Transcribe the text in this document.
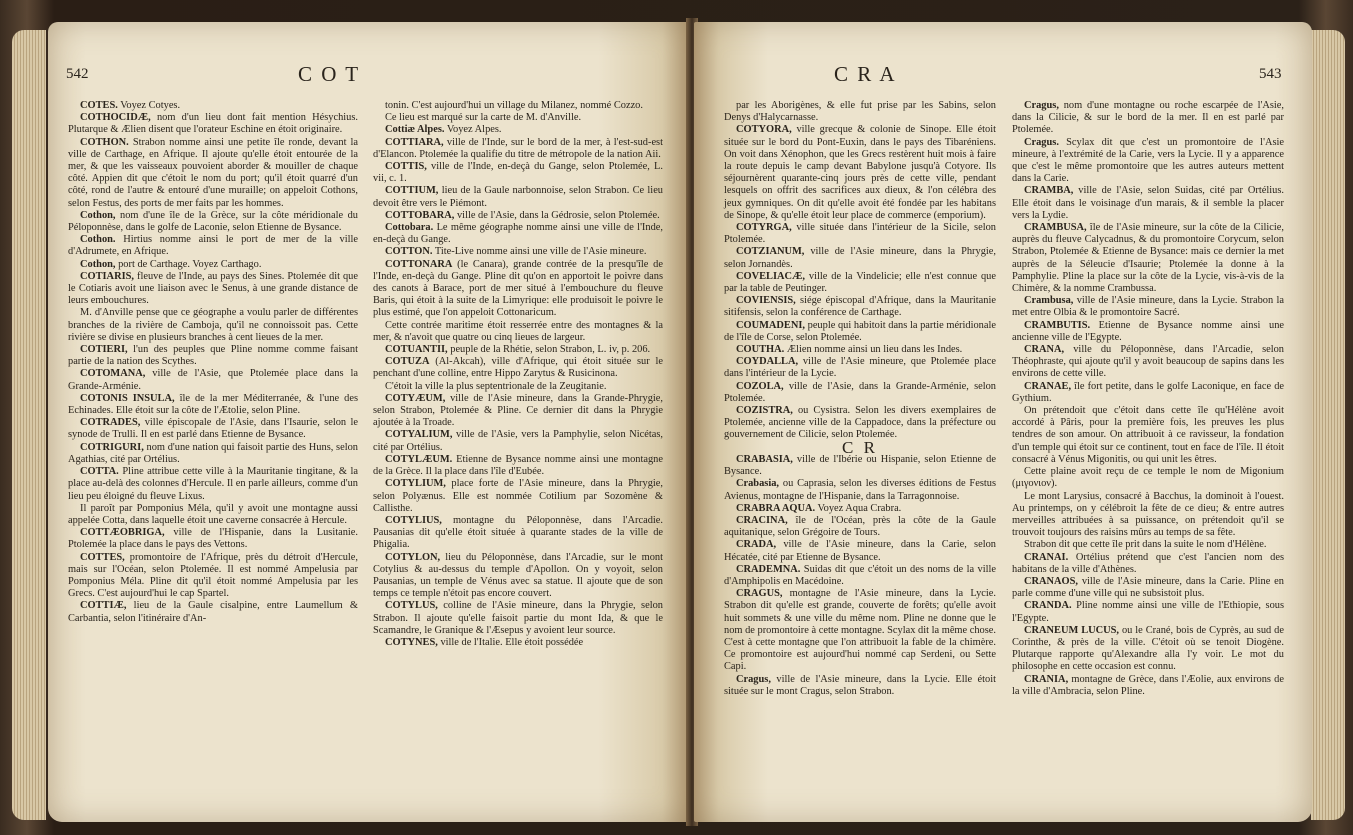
542	C O T

COTES. Voyez Cotyes.

COTHOCIDÆ, nom d'un lieu dont fait mention Hésychius. Plutarque & Ælien disent que l'orateur Eschine en étoit originaire.

COTHON. Strabon nomme ainsi une petite île ronde, devant la ville de Carthage, en Afrique. Il ajoute qu'elle étoit entourée de la mer, & que les vaisseaux pouvoient aborder & mouiller de chaque côté. Appien dit que c'étoit le nom du port; qu'il étoit quarré d'un côté, rond de l'autre & entouré d'une muraille; on appeloit Cothons, selon Festus, des ports de mer faits par les hommes.

Cothon, nom d'une île de la Grèce, sur la côte méridionale du Péloponnèse, dans le golfe de Laconie, selon Etienne de Bysance.

Cothon. Hirtius nomme ainsi le port de mer de la ville d'Adrumete, en Afrique.

Cothon, port de Carthage. Voyez Carthago.

COTIARIS, fleuve de l'Inde, au pays des Sines. Ptolemée dit que le Cotiaris avoit une liaison avec le Senus, à une grande distance de leurs embouchures.

M. d'Anville pense que ce géographe a voulu parler de différentes branches de la rivière de Camboja, qu'il ne connoissoit pas. Cette rivière se divise en plusieurs branches à cent lieues de la mer.

COTIERI, l'un des peuples que Pline nomme comme faisant partie de la nation des Scythes.

COTOMANA, ville de l'Asie, que Ptolemée place dans la Grande-Arménie.

COTONIS INSULA, île de la mer Méditerranée, & l'une des Echinades. Elle étoit sur la côte de l'Ætolie, selon Pline.

COTRADES, ville épiscopale de l'Asie, dans l'Isaurie, selon le synode de Trulli. Il en est parlé dans Etienne de Bysance.

COTRIGURI, nom d'une nation qui faisoit partie des Huns, selon Agathias, cité par Ortélius.

COTTA. Pline attribue cette ville à la Mauritanie tingitane, & la place au-delà des colonnes d'Hercule. Il en parle ailleurs, comme d'un lieu peu éloigné du fleuve Lixus.

Il paroît par Pomponius Méla, qu'il y avoit une montagne aussi appelée Cotta, dans laquelle étoit une caverne consacrée à Hercule.

COTTÆOBRIGA, ville de l'Hispanie, dans la Lusitanie. Ptolemée la place dans le pays des Vettons.

COTTES, promontoire de l'Afrique, près du détroit d'Hercule, mais sur l'Océan, selon Ptolemée. Il est nommé Ampelusia par Pomponius Méla. Pline dit qu'il étoit nommé Ampelusia par les Grecs. C'est aujourd'hui le cap Spartel.

COTTIÆ, lieu de la Gaule cisalpine, entre Laumellum & Carbantia, selon l'itinéraire d'An-

tonin. C'est aujourd'hui un village du Milanez, nommé Cozzo.

Ce lieu est marqué sur la carte de M. d'Anville.

Cottiæ Alpes. Voyez Alpes.

COTTIARA, ville de l'Inde, sur le bord de la mer, à l'est-sud-est d'Elancon. Ptolemée la qualifie du titre de métropole de la nation Aii.

COTTIS, ville de l'Inde, en-deçà du Gange, selon Ptolemée, L. vii, c. 1.

COTTIUM, lieu de la Gaule narbonnoise, selon Strabon. Ce lieu devoit être vers le Piémont.

COTTOBARA, ville de l'Asie, dans la Gédrosie, selon Ptolemée.

Cottobara. Le même géographe nomme ainsi une ville de l'Inde, en-deçà du Gange.

COTTON. Tite-Live nomme ainsi une ville de l'Asie mineure.

COTTONARA (le Canara), grande contrée de la presqu'île de l'Inde, en-deçà du Gange. Pline dit qu'on en apportoit le poivre dans des canots à Barace, port de mer situé à l'embouchure du fleuve Baris, qui étoit à la suite de la Limyrique: elle produisoit le poivre le plus estimé, que l'on appeloit Cottonaricum.

Cette contrée maritime étoit resserrée entre des montagnes & la mer, & n'avoit que quatre ou cinq lieues de largeur.

COTUANTII, peuple de la Rhétie, selon Strabon, L. iv, p. 206.

COTUZA (Al-Akcah), ville d'Afrique, qui étoit située sur le penchant d'une colline, entre Hippo Zarytus & Rusicinona.

C'étoit la ville la plus septentrionale de la Zeugitanie.

COTYÆUM, ville de l'Asie mineure, dans la Grande-Phrygie, selon Strabon, Ptolemée & Pline. Ce dernier dit dans la Phrygie ajoutée à la Troade.

COTYALIUM, ville de l'Asie, vers la Pamphylie, selon Nicétas, cité par Ortélius.

COTYLÆUM. Etienne de Bysance nomme ainsi une montagne de la Grèce. Il la place dans l'île d'Eubée.

COTYLIUM, place forte de l'Asie mineure, dans la Phrygie, selon Polyænus. Elle est nommée Cotilium par Sozomène & Callisthe.

COTYLIUS, montagne du Péloponnèse, dans l'Arcadie. Pausanias dit qu'elle étoit située à quarante stades de la ville de Phigalia.

COTYLON, lieu du Péloponnèse, dans l'Arcadie, sur le mont Cotylius & au-dessus du temple d'Apollon. On y voyoit, selon Pausanias, un temple de Vénus avec sa statue. Il ajoute que de son temps ce temple n'étoit pas encore couvert.

COTYLUS, colline de l'Asie mineure, dans la Phrygie, selon Strabon. Il ajoute qu'elle faisoit partie du mont Ida, & que le Scamandre, le Granique & l'Æsepus y avoient leur source.

COTYNES, ville de l'Italie. Elle étoit possédée

C R A	543

par les Aborigènes, & elle fut prise par les Sabins, selon Denys d'Halycarnasse.

COTYORA, ville grecque & colonie de Sinope. Elle étoit située sur le bord du Pont-Euxin, dans le pays des Tibaréniens. On voit dans Xénophon, que les Grecs restèrent huit mois à faire la route depuis le camp devant Babylone jusqu'à Cotyore. Ils séjournèrent quarante-cinq jours près de cette ville, pendant lesquels on offrit des sacrifices aux dieux, & l'on célébra des jeux gymniques. On dit qu'elle avoit été fondée par les habitans de Sinope, & qu'elle étoit leur place de commerce (emporium).

COTYRGA, ville située dans l'intérieur de la Sicile, selon Ptolemée.

COTZIANUM, ville de l'Asie mineure, dans la Phrygie, selon Jornandès.

COVELIACÆ, ville de la Vindelicie; elle n'est connue que par la table de Peutinger.

COVIENSIS, siége épiscopal d'Afrique, dans la Mauritanie sitifensis, selon la conférence de Carthage.

COUMADENI, peuple qui habitoit dans la partie méridionale de l'île de Corse, selon Ptolemée.

COUTHA. Ælien nomme ainsi un lieu dans les Indes.

COYDALLA, ville de l'Asie mineure, que Ptolemée place dans l'intérieur de la Lycie.

COZOLA, ville de l'Asie, dans la Grande-Arménie, selon Ptolemée.

COZISTRA, ou Cysistra. Selon les divers exemplaires de Ptolemée, ancienne ville de la Cappadoce, dans la préfecture ou gouvernement de Cilicie, selon Ptolemée.

C R

CRABASIA, ville de l'Ibérie ou Hispanie, selon Etienne de Bysance.

Crabasia, ou Caprasia, selon les diverses éditions de Festus Avienus, montagne de l'Hispanie, dans la Tarragonnoise.

CRABRA AQUA. Voyez Aqua Crabra.

CRACINA, île de l'Océan, près la côte de la Gaule aquitanique, selon Grégoire de Tours.

CRADA, ville de l'Asie mineure, dans la Carie, selon Hécatée, cité par Etienne de Bysance.

CRADEMNA. Suidas dit que c'étoit un des noms de la ville d'Amphipolis en Macédoine.

CRAGUS, montagne de l'Asie mineure, dans la Lycie. Strabon dit qu'elle est grande, couverte de forêts; qu'elle avoit huit sommets & une ville du même nom. Pline ne donne que le nom de promontoire à cette montagne. Scylax dit la même chose. C'est à cette montagne que l'on attribuoit la fable de la chimère. Ce promontoire est aujourd'hui nommé cap Serdeni, ou Sette Capi.

Cragus, ville de l'Asie mineure, dans la Lycie. Elle étoit située sur le mont Cragus, selon Strabon.

Cragus, nom d'une montagne ou roche escarpée de l'Asie, dans la Cilicie, & sur le bord de la mer. Il en est parlé par Ptolemée.

Cragus. Scylax dit que c'est un promontoire de l'Asie mineure, à l'extrémité de la Carie, vers la Lycie. Il y a apparence que c'est le même promontoire que les autres auteurs mettent dans la Carie.

CRAMBA, ville de l'Asie, selon Suidas, cité par Ortélius. Elle étoit dans le voisinage d'un marais, & il semble la placer vers la Lydie.

CRAMBUSA, île de l'Asie mineure, sur la côte de la Cilicie, auprès du fleuve Calycadnus, & du promontoire Corycum, selon Strabon, Ptolemée & Etienne de Bysance: mais ce dernier la met auprès de la Séleucie d'Isaurie; Ptolemée la donne à la Pamphylie. Pline la place sur la côte de la Lycie, vis-à-vis de la Chimère, & la nomme Crambussa.

Crambusa, ville de l'Asie mineure, dans la Lycie. Strabon la met entre Olbia & le promontoire Sacré.

CRAMBUTIS. Etienne de Bysance nomme ainsi une ancienne ville de l'Egypte.

CRANA, ville du Péloponnèse, dans l'Arcadie, selon Théophraste, qui ajoute qu'il y avoit beaucoup de sapins dans les environs de cette ville.

CRANAE, île fort petite, dans le golfe Laconique, en face de Gythium.

On prétendoit que c'étoit dans cette île qu'Hélène avoit accordé à Pâris, pour la première fois, les preuves les plus tendres de son amour. On attribuoit à ce ravisseur, la fondation d'un temple qui étoit sur ce continent, tout en face de l'île. Il étoit consacré à Vénus Migonitis, ou qui unit les êtres.

Cette plaine avoit reçu de ce temple le nom de Migonium (μιγονιον).

Le mont Larysius, consacré à Bacchus, la dominoit à l'ouest. Au printemps, on y célébroit la fête de ce dieu; & entre autres merveilles attribuées à sa puissance, on prétendoit qu'il se trouvoit toujours des raisins mûrs au temps de sa fête.

Strabon dit que cette île prit dans la suite le nom d'Hélène.

CRANAI. Ortélius prétend que c'est l'ancien nom des habitans de la ville d'Athènes.

CRANAOS, ville de l'Asie mineure, dans la Carie. Pline en parle comme d'une ville qui ne subsistoit plus.

CRANDA. Pline nomme ainsi une ville de l'Ethiopie, sous l'Egypte.

CRANEUM LUCUS, ou le Crané, bois de Cyprès, au sud de Corinthe, & près de la ville. C'étoit où se tenoit Diogène. Plutarque rapporte qu'Alexandre alla l'y voir. Le mot du philosophe en cette occasion est connu.

CRANIA, montagne de Grèce, dans l'Æolie, aux environs de la ville d'Ambracia, selon Pline.
